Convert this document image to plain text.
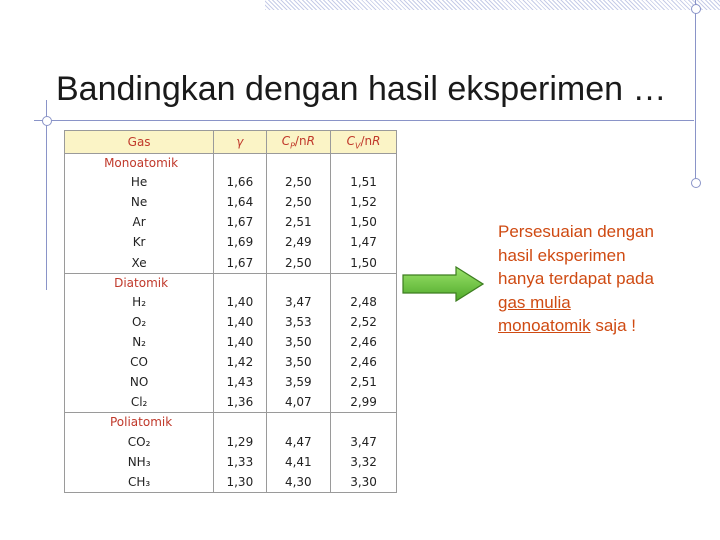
Bandingkan dengan hasil eksperimen …
Gas	γ	$C_P/nR$	$C_V/nR$
Monoatomik			
He	1,66	2,50	1,51
Ne	1,64	2,50	1,52
Ar	1,67	2,51	1,50
Kr	1,69	2,49	1,47
Xe	1,67	2,50	1,50
Diatomik			
H₂	1,40	3,47	2,48
O₂	1,40	3,53	2,52
N₂	1,40	3,50	2,46
CO	1,42	3,50	2,46
NO	1,43	3,59	2,51
Cl₂	1,36	4,07	2,99
Poliatomik			
CO₂	1,29	4,47	3,47
NH₃	1,33	4,41	3,32
CH₃	1,30	4,30	3,30
Persesuaian dengan
hasil eksperimen
hanya terdapat pada
gas mulia
monoatomik saja !
